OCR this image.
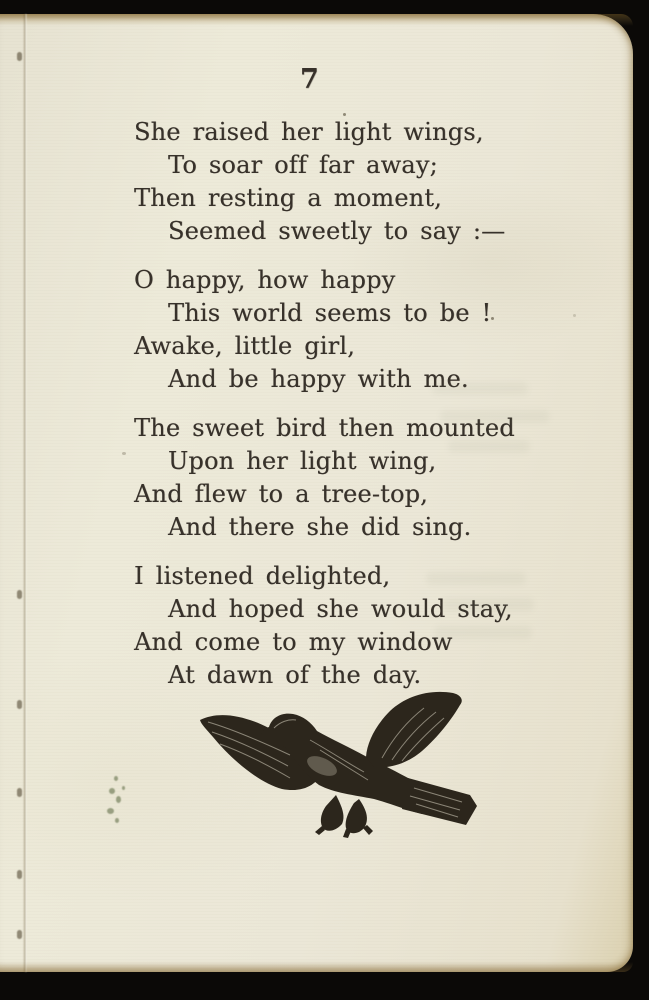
7
She raised her light wings,
To soar off far away;
Then resting a moment,
Seemed sweetly to say :—
O happy, how happy
This world seems to be !
Awake, little girl,
And be happy with me.
The sweet bird then mounted
Upon her light wing,
And flew to a tree-top,
And there she did sing.
I listened delighted,
And hoped she would stay,
And come to my window
At dawn of the day.
